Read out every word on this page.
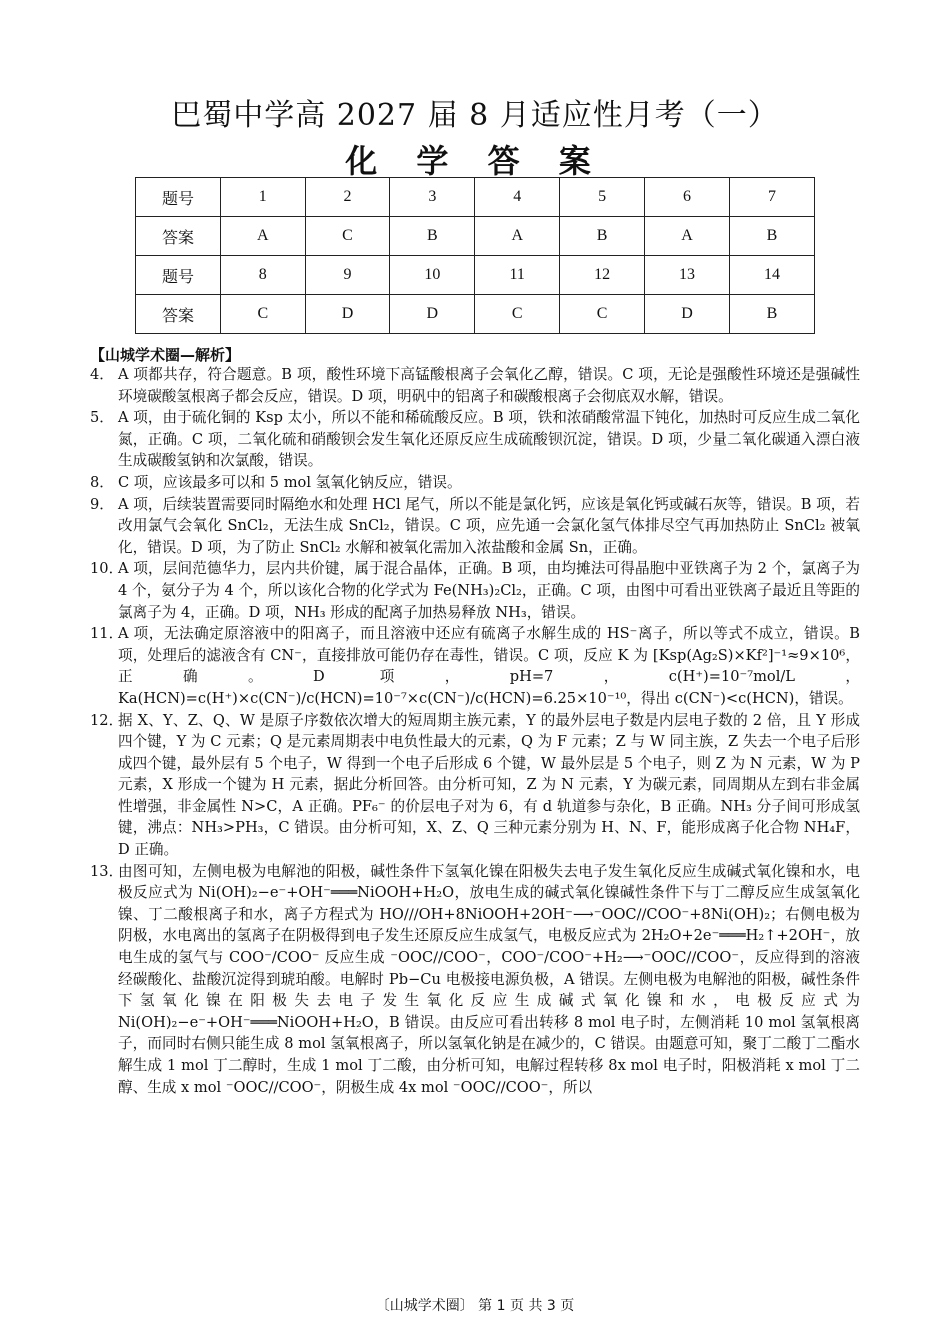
巴蜀中学高 2027 届 8 月适应性月考（一）
化 学 答 案
题号	1	2	3	4	5	6	7
答案	A	C	B	A	B	A	B
题号	8	9	10	11	12	13	14
答案	C	D	D	C	C	D	B
【山城学术圈—解析】

4． A 项都共存，符合题意。B 项，酸性环境下高锰酸根离子会氧化乙醇，错误。C 项，无论是强酸性环境还是强碱性环境碳酸氢根离子都会反应，错误。D 项，明矾中的铝离子和碳酸根离子会彻底双水解，错误。

5． A 项，由于硫化铜的 Ksp 太小，所以不能和稀硫酸反应。B 项，铁和浓硝酸常温下钝化，加热时可反应生成二氧化氮，正确。C 项，二氧化硫和硝酸钡会发生氧化还原反应生成硫酸钡沉淀，错误。D 项，少量二氧化碳通入漂白液生成碳酸氢钠和次氯酸，错误。

8． C 项，应该最多可以和 5 mol 氢氧化钠反应，错误。

9． A 项，后续装置需要同时隔绝水和处理 HCl 尾气，所以不能是氯化钙，应该是氧化钙或碱石灰等，错误。B 项，若改用氯气会氧化 SnCl₂，无法生成 SnCl₂，错误。C 项，应先通一会氯化氢气体排尽空气再加热防止 SnCl₂ 被氧化，错误。D 项，为了防止 SnCl₂ 水解和被氧化需加入浓盐酸和金属 Sn，正确。

10．
A 项，层间范德华力，层内共价键，属于混合晶体，正确。B 项，由均摊法可得晶胞中亚铁离子为 2 个，氯离子为 4 个，氨分子为 4 个，所以该化合物的化学式为 Fe(NH₃)₂Cl₂，正确。C 项，由图中可看出亚铁离子最近且等距的氯离子为 4，正确。D 项，NH₃ 形成的配离子加热易释放 NH₃，错误。

11．
A 项，无法确定原溶液中的阳离子，而且溶液中还应有硫离子水解生成的 HS⁻离子，所以等式不成立，错误。B 项，处理后的滤液含有 CN⁻，直接排放可能仍存在毒性，错误。C 项，反应 K 为 [Ksp(Ag₂S)×Kf²]⁻¹≈9×10⁶，正确。D 项，pH=7，c(H⁺)=10⁻⁷mol/L，Ka(HCN)=c(H⁺)×c(CN⁻)/c(HCN)=10⁻⁷×c(CN⁻)/c(HCN)=6.25×10⁻¹⁰，得出 c(CN⁻)<c(HCN)，错误。

12．
据 X、Y、Z、Q、W 是原子序数依次增大的短周期主族元素，Y 的最外层电子数是内层电子数的 2 倍，且 Y 形成四个键，Y 为 C 元素；Q 是元素周期表中电负性最大的元素，Q 为 F 元素；Z 与 W 同主族，Z 失去一个电子后形成四个键，最外层有 5 个电子，W 得到一个电子后形成 6 个键，W 最外层是 5 个电子，则 Z 为 N 元素，W 为 P 元素，X 形成一个键为 H 元素，据此分析回答。由分析可知，Z 为 N 元素，Y 为碳元素，同周期从左到右非金属性增强，非金属性 N>C，A 正确。PF₆⁻ 的价层电子对为 6，有 d 轨道参与杂化，B 正确。NH₃ 分子间可形成氢键，沸点：NH₃>PH₃，C 错误。由分析可知，X、Z、Q 三种元素分别为 H、N、F，能形成离子化合物 NH₄F，D 正确。

13．
由图可知，左侧电极为电解池的阳极，碱性条件下氢氧化镍在阳极失去电子发生氧化反应生成碱式氧化镍和水，电极反应式为 Ni(OH)₂−e⁻+OH⁻═══NiOOH+H₂O，放电生成的碱式氧化镍碱性条件下与丁二醇反应生成氢氧化镍、丁二酸根离子和水，离子方程式为 HO∕∕∕OH+8NiOOH+2OH⁻⟶⁻OOC∕∕COO⁻+8Ni(OH)₂；右侧电极为阴极，水电离出的氢离子在阴极得到电子发生还原反应生成氢气，电极反应式为 2H₂O+2e⁻═══H₂↑+2OH⁻，放电生成的氢气与 COO⁻/COO⁻ 反应生成 ⁻OOC∕∕COO⁻，COO⁻/COO⁻+H₂⟶⁻OOC∕∕COO⁻，反应得到的溶液经碳酸化、盐酸沉淀得到琥珀酸。电解时 Pb−Cu 电极接电源负极，A 错误。左侧电极为电解池的阳极，碱性条件下氢氧化镍在阳极失去电子发生氧化反应生成碱式氧化镍和水，电极反应式为 Ni(OH)₂−e⁻+OH⁻═══NiOOH+H₂O，B 错误。由反应可看出转移 8 mol 电子时，左侧消耗 10 mol 氢氧根离子，而同时右侧只能生成 8 mol 氢氧根离子，所以氢氧化钠是在减少的，C 错误。由题意可知，聚丁二酸丁二酯水解生成 1 mol 丁二醇时，生成 1 mol 丁二酸，由分析可知，电解过程转移 8x mol 电子时，阳极消耗 x mol 丁二醇、生成 x mol ⁻OOC∕∕COO⁻，阴极生成 4x mol ⁻OOC∕∕COO⁻，所以

〔山城学术圈〕 第 1 页 共 3 页
